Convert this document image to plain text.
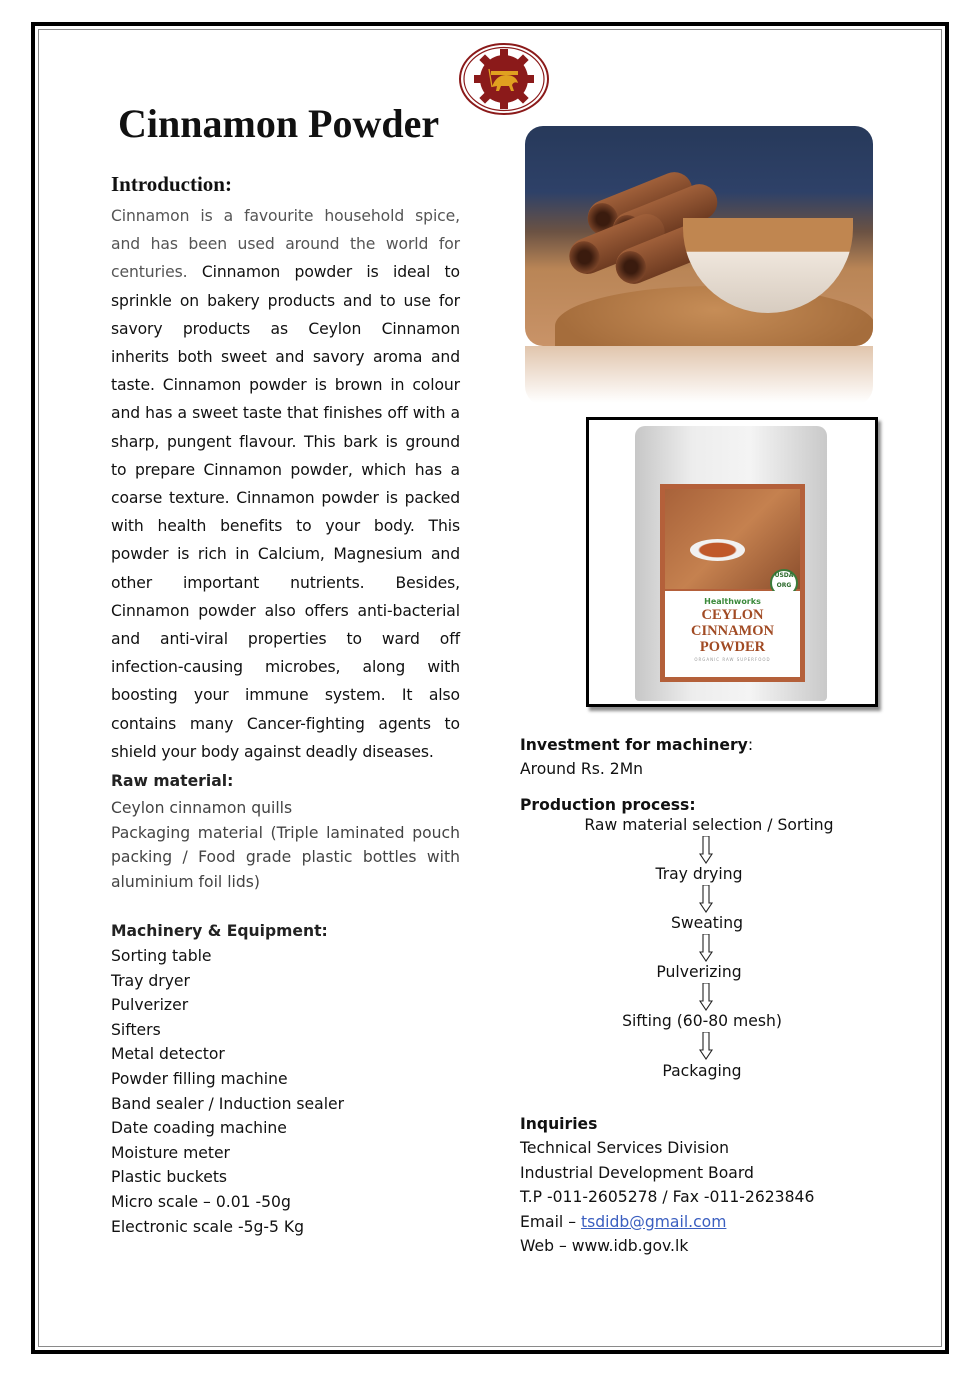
Cinnamon Powder
Introduction:

Cinnamon is a favourite household spice, and has been used around the world for centuries. Cinnamon powder is ideal to sprinkle on bakery products and to use for savory products as Ceylon Cinnamon inherits both sweet and savory aroma and taste. Cinnamon powder is brown in colour and has a sweet taste that finishes off with a sharp, pungent flavour. This bark is ground to prepare Cinnamon powder, which has a coarse texture. Cinnamon powder is packed with health benefits to your body. This powder is rich in Calcium, Magnesium and other important nutrients. Besides, Cinnamon powder also offers anti-bacterial and anti-viral properties to ward off infection-causing microbes, along with boosting your immune system. It also contains many Cancer-fighting agents to shield your body against deadly diseases.

Raw material:

Ceylon cinnamon quills

Packaging material (Triple laminated pouch packing / Food grade plastic bottles with aluminium foil lids)

Machinery & Equipment:
Sorting table
Tray dryer
Pulverizer
Sifters
Metal detector
Powder filling machine
Band sealer / Induction sealer
Date coading machine
Moisture meter
Plastic buckets
Micro scale – 0.01 -50g
Electronic scale -5g-5 Kg
USDA
ORG
Healthworks
CEYLON
CINNAMON
POWDER
ORGANIC RAW SUPERFOOD

Investment for machinery:

Around Rs. 2Mn

Production process:

Raw material selection / Sorting
Tray drying
Sweating
Pulverizing
Sifting (60-80 mesh)
Packaging

Inquiries

Technical Services Division

Industrial Development Board

T.P -011-2605278 / Fax -011-2623846

Email – tsdidb@gmail.com

Web – www.idb.gov.lk
